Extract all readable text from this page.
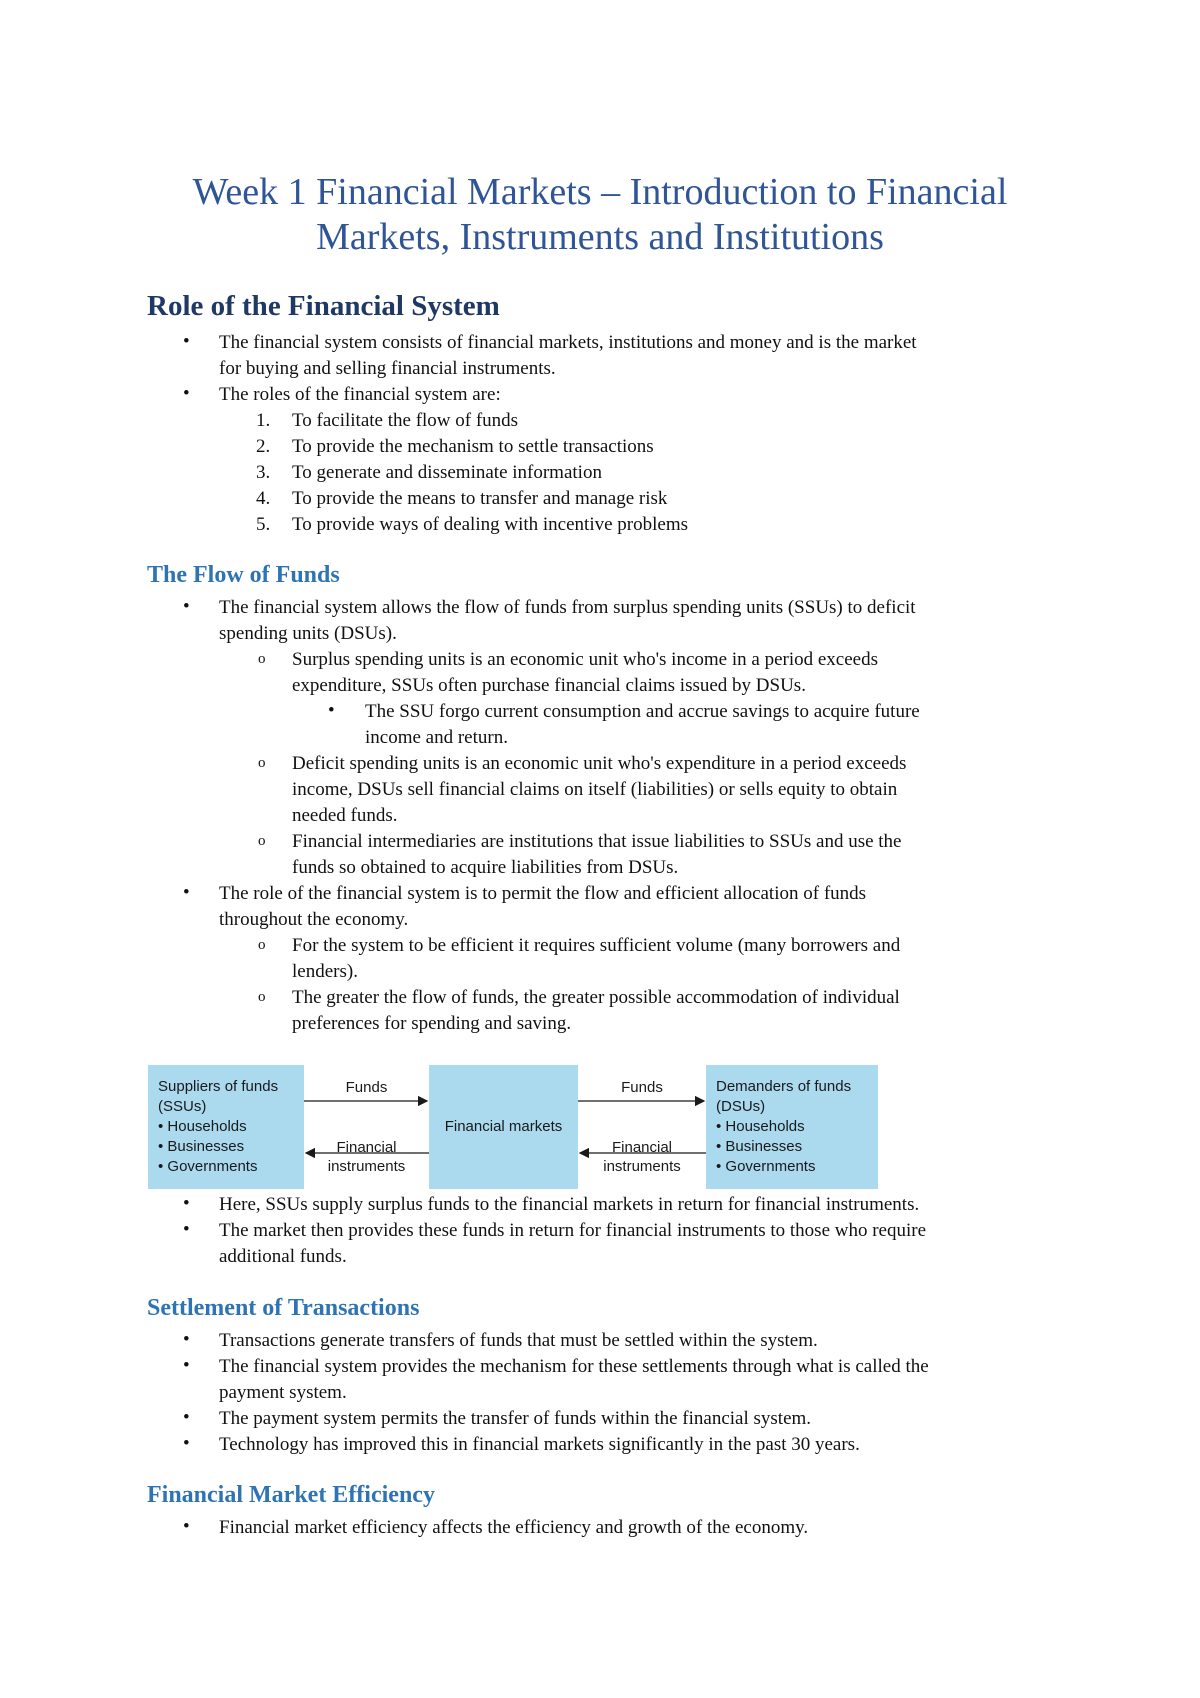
Week 1 Financial Markets – Introduction to Financial
Markets, Instruments and Institutions
Role of the Financial System
• The financial system consists of financial markets, institutions and money and is the market
for buying and selling financial instruments.
• The roles of the financial system are:
1. To facilitate the flow of funds
2. To provide the mechanism to settle transactions
3. To generate and disseminate information
4. To provide the means to transfer and manage risk
5. To provide ways of dealing with incentive problems
The Flow of Funds
• The financial system allows the flow of funds from surplus spending units (SSUs) to deficit
spending units (DSUs).
o Surplus spending units is an economic unit who's income in a period exceeds
expenditure, SSUs often purchase financial claims issued by DSUs.
• The SSU forgo current consumption and accrue savings to acquire future
income and return.
o Deficit spending units is an economic unit who's expenditure in a period exceeds
income, DSUs sell financial claims on itself (liabilities) or sells equity to obtain
needed funds.
o Financial intermediaries are institutions that issue liabilities to SSUs and use the
funds so obtained to acquire liabilities from DSUs.
• The role of the financial system is to permit the flow and efficient allocation of funds
throughout the economy.
o For the system to be efficient it requires sufficient volume (many borrowers and
lenders).
o The greater the flow of funds, the greater possible accommodation of individual
preferences for spending and saving.
Suppliers of funds
(SSUs)
• Households
• Businesses
• Governments
Financial markets
Demanders of funds
(DSUs)
• Households
• Businesses
• Governments
Funds
Financial
instruments
Funds
Financial
instruments
• Here, SSUs supply surplus funds to the financial markets in return for financial instruments.
• The market then provides these funds in return for financial instruments to those who require
additional funds.
Settlement of Transactions
• Transactions generate transfers of funds that must be settled within the system.
• The financial system provides the mechanism for these settlements through what is called the
payment system.
• The payment system permits the transfer of funds within the financial system.
• Technology has improved this in financial markets significantly in the past 30 years.
Financial Market Efficiency
• Financial market efficiency affects the efficiency and growth of the economy.
